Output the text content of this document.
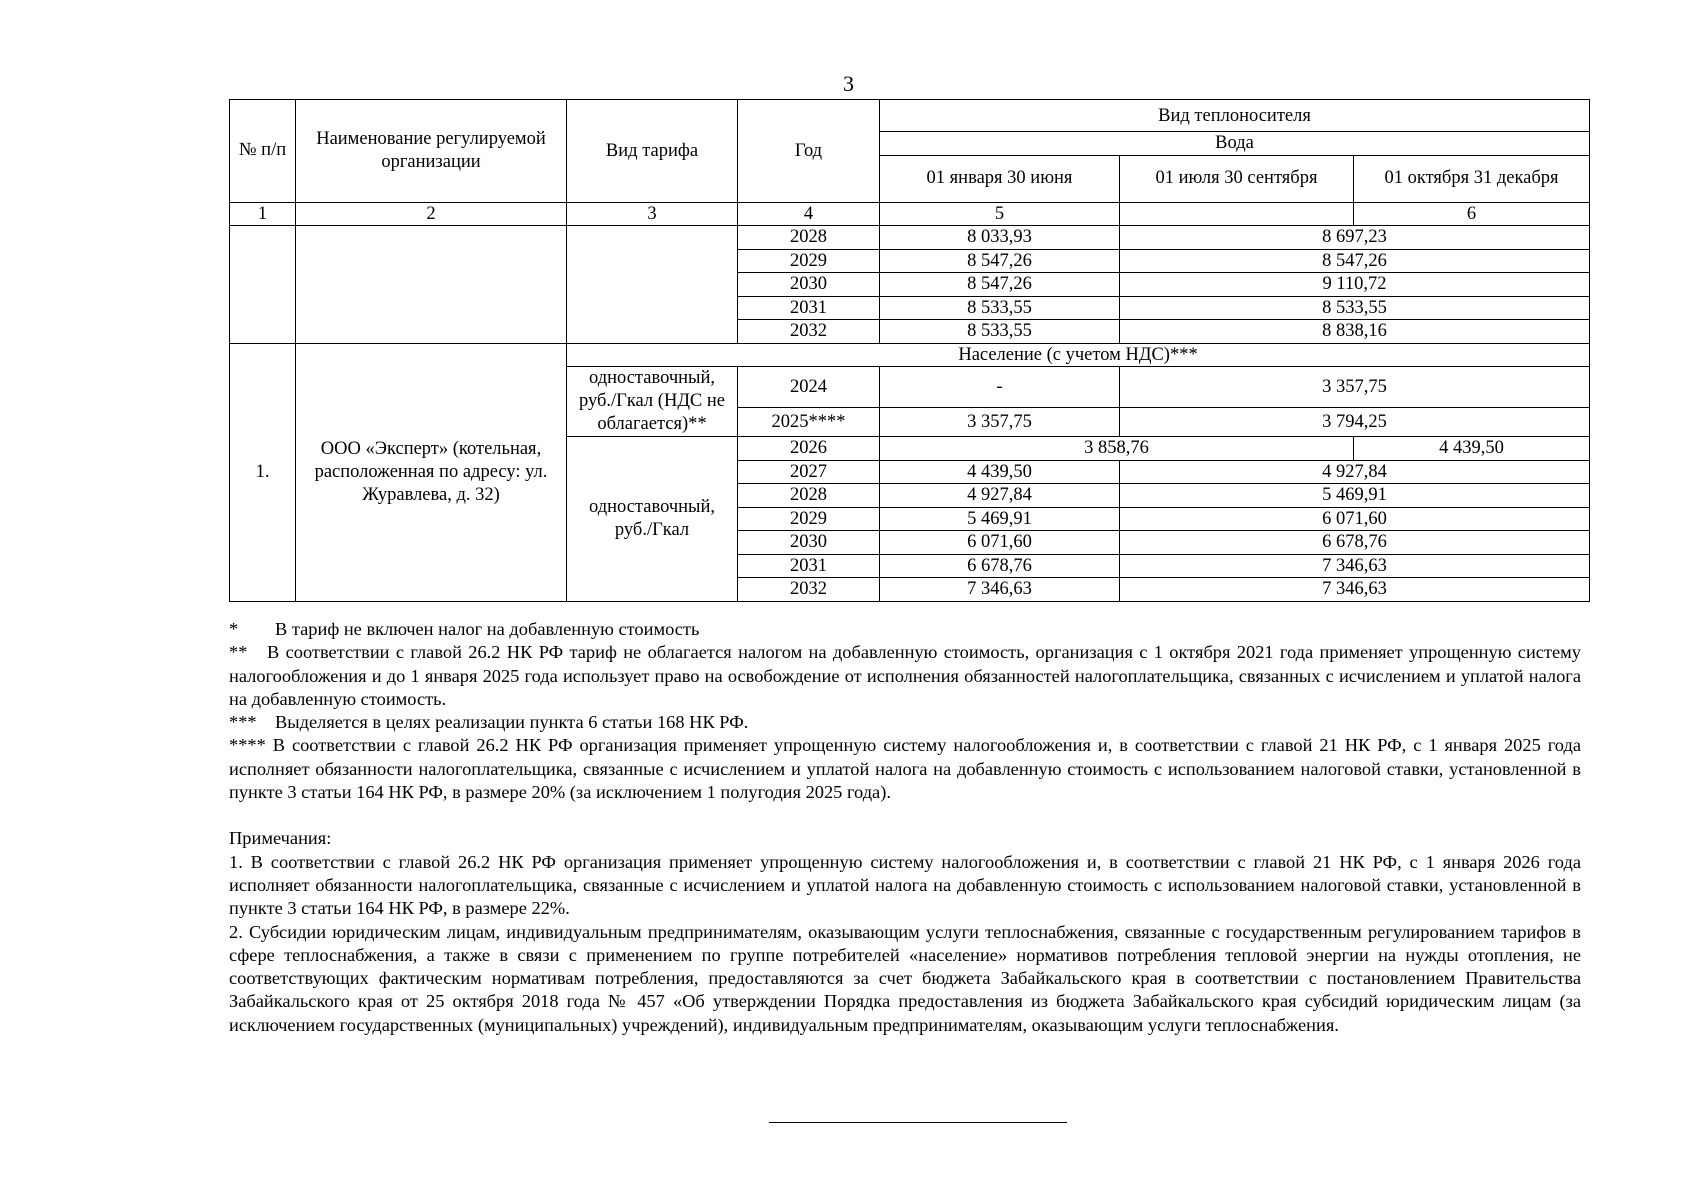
3
№ п/п	Наименование регулируемой организации	Вид тарифа	Год	Вид теплоносителя		
				Вода		
				01 января 30 июня	01 июля 30 сентября	01 октября 31 декабря
1	2	3	4	5		6
			2028	8 033,93	8 697,23	
			2029	8 547,26	8 547,26	
			2030	8 547,26	9 110,72	
			2031	8 533,55	8 533,55	
			2032	8 533,55	8 838,16	
1.	ООО «Эксперт» (котельная, расположенная по адресу: ул. Журавлева, д. 32)	Население (с учетом НДС)***				
		одноставочный, руб./Гкал (НДС не облагается)**	2024	-	3 357,75	
			2025****	3 357,75	3 794,25	
		одноставочный, руб./Гкал	2026	3 858,76		4 439,50
			2027	4 439,50	4 927,84	
			2028	4 927,84	5 469,91	
			2029	5 469,91	6 071,60	
			2030	6 071,60	6 678,76	
			2031	6 678,76	7 346,63	
			2032	7 346,63	7 346,63	

* В тариф не включен налог на добавленную стоимость

** В соответствии с главой 26.2 НК РФ тариф не облагается налогом на добавленную стоимость, организация с 1 октября 2021 года применяет упрощенную систему налогообложения и до 1 января 2025 года использует право на освобождение от исполнения обязанностей налогоплательщика, связанных с исчислением и уплатой налога на добавленную стоимость.

*** Выделяется в целях реализации пункта 6 статьи 168 НК РФ.

**** В соответствии с главой 26.2 НК РФ организация применяет упрощенную систему налогообложения и, в соответствии с главой 21 НК РФ, с 1 января 2025 года исполняет обязанности налогоплательщика, связанные с исчислением и уплатой налога на добавленную стоимость с использованием налоговой ставки, установленной в пункте 3 статьи 164 НК РФ, в размере 20% (за исключением 1 полугодия 2025 года).

Примечания:

1. В соответствии с главой 26.2 НК РФ организация применяет упрощенную систему налогообложения и, в соответствии с главой 21 НК РФ, с 1 января 2026 года исполняет обязанности налогоплательщика, связанные с исчислением и уплатой налога на добавленную стоимость с использованием налоговой ставки, установленной в пункте 3 статьи 164 НК РФ, в размере 22%.

2. Субсидии юридическим лицам, индивидуальным предпринимателям, оказывающим услуги теплоснабжения, связанные с государственным регулированием тарифов в сфере теплоснабжения, а также в связи с применением по группе потребителей «население» нормативов потребления тепловой энергии на нужды отопления, не соответствующих фактическим нормативам потребления, предоставляются за счет бюджета Забайкальского края в соответствии с постановлением Правительства Забайкальского края от 25 октября 2018 года № 457 «Об утверждении Порядка предоставления из бюджета Забайкальского края субсидий юридическим лицам (за исключением государственных (муниципальных) учреждений), индивидуальным предпринимателям, оказывающим услуги теплоснабжения.
